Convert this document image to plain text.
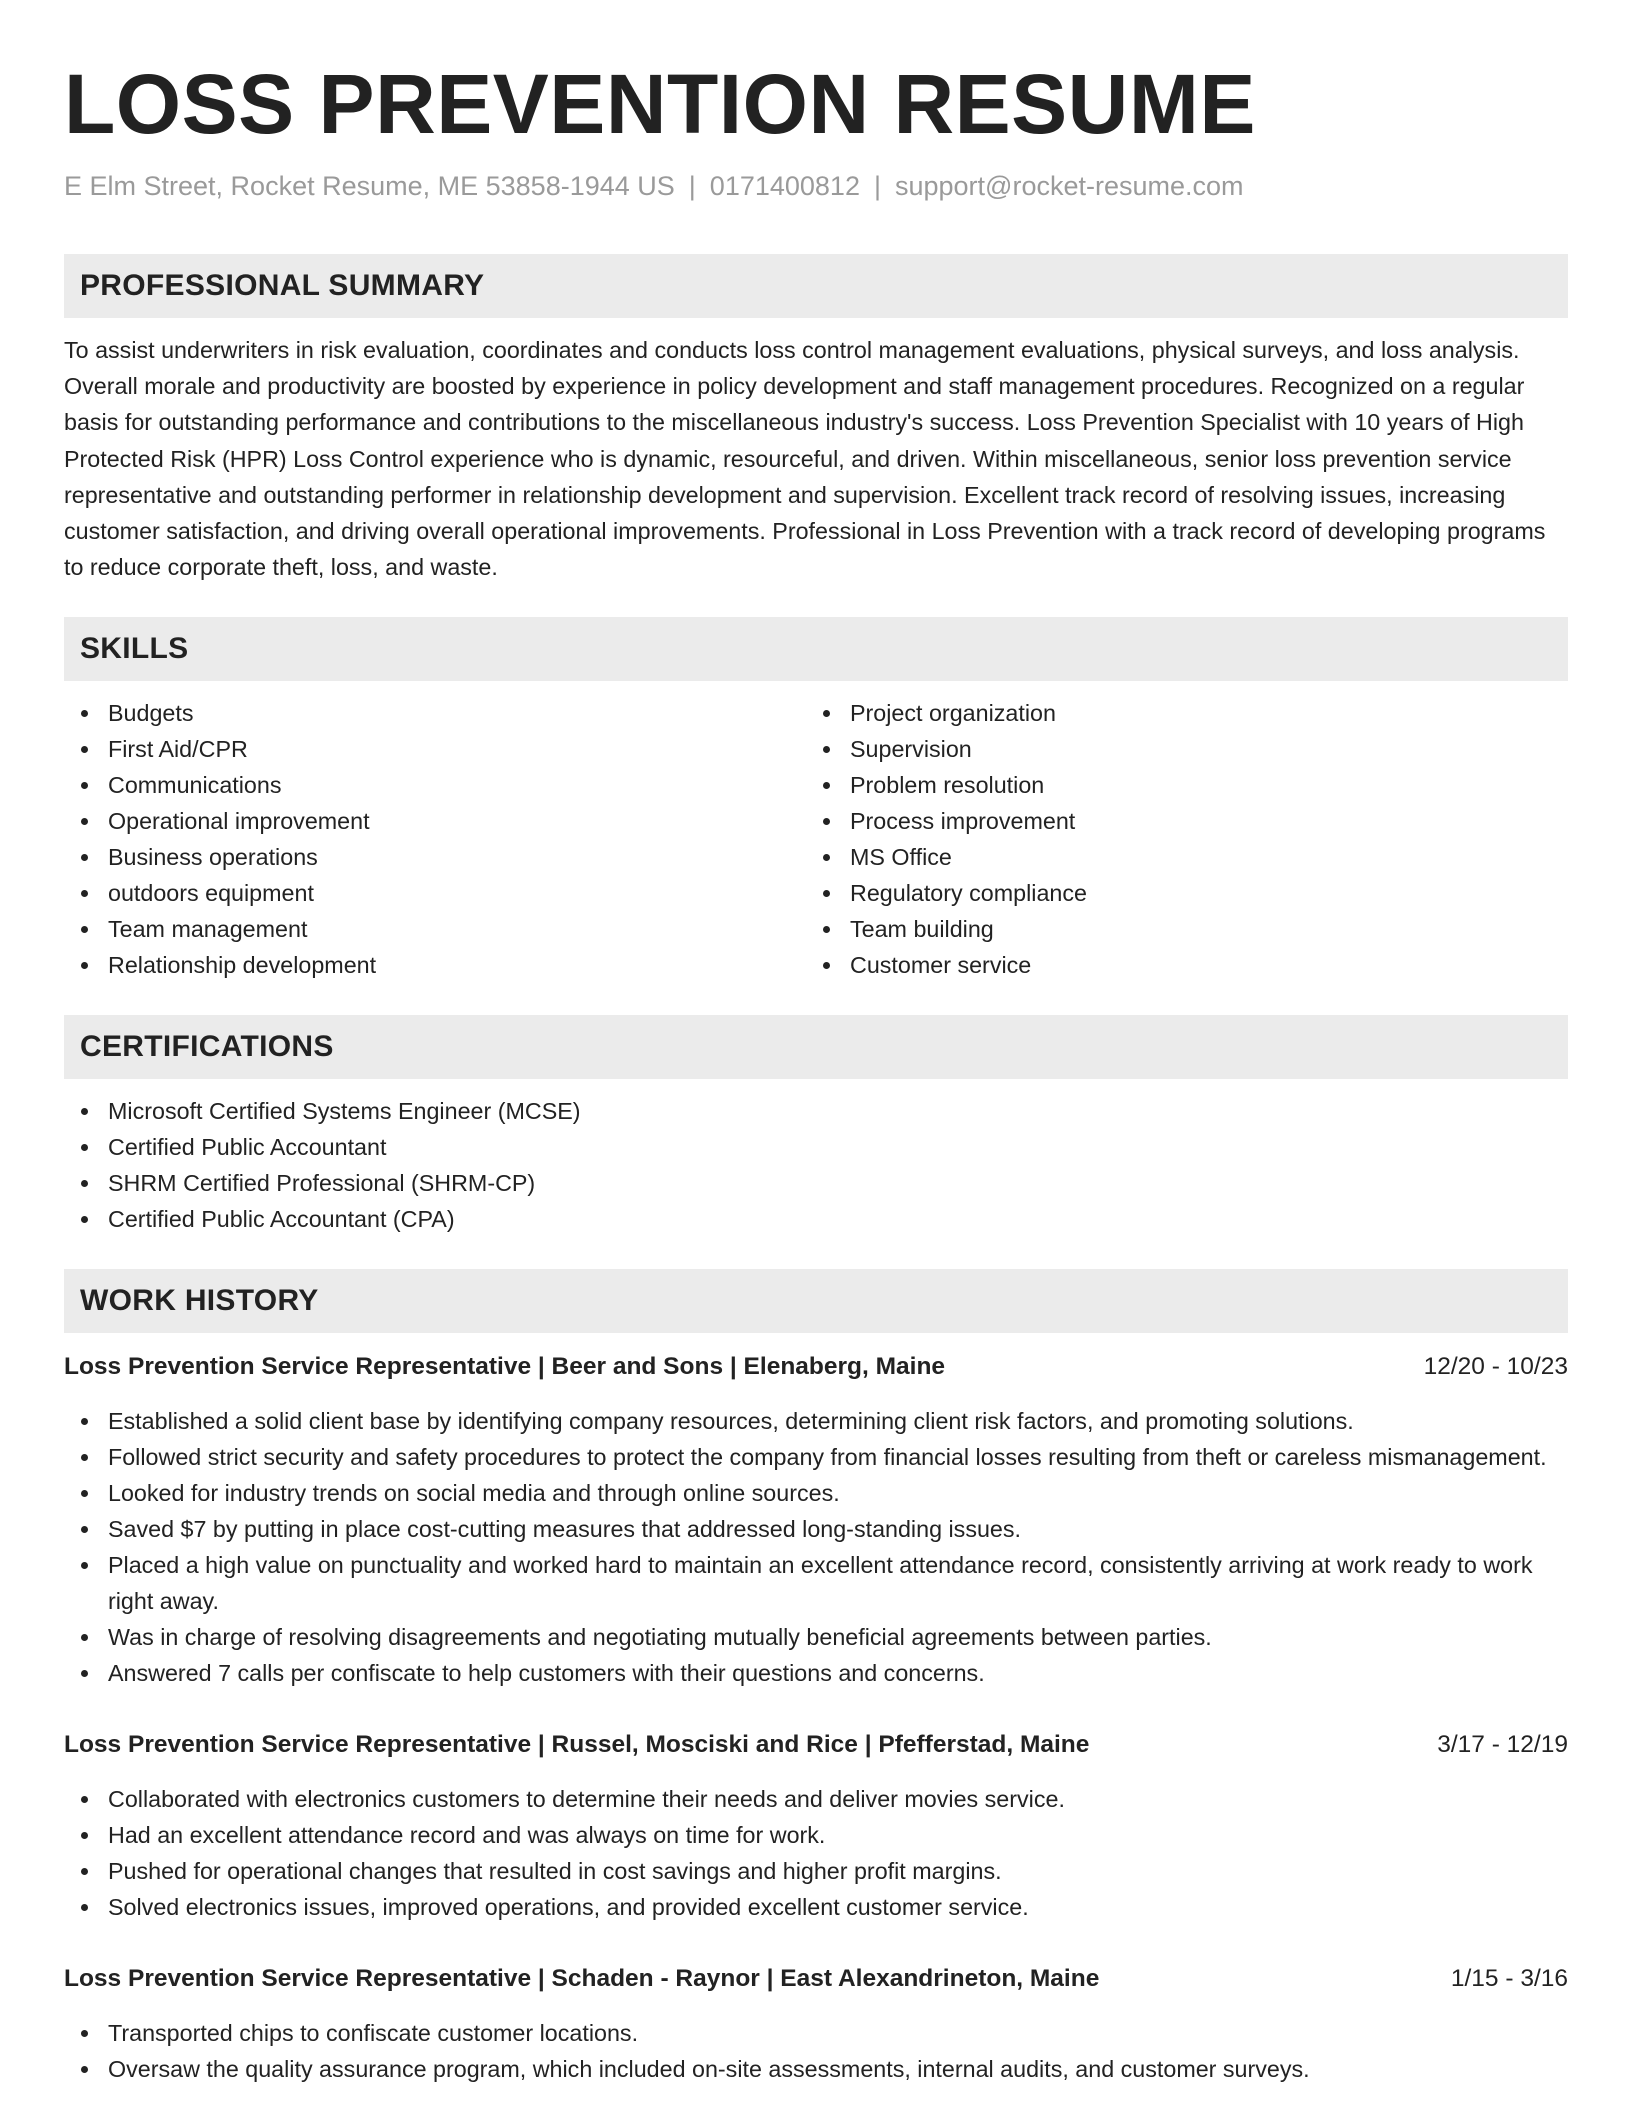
LOSS PREVENTION RESUME
E Elm Street, Rocket Resume, ME 53858-1944 US | 0171400812 | support@rocket-resume.com
PROFESSIONAL SUMMARY

To assist underwriters in risk evaluation, coordinates and conducts loss control management evaluations, physical surveys, and loss analysis. Overall morale and productivity are boosted by experience in policy development and staff management procedures. Recognized on a regular basis for outstanding performance and contributions to the miscellaneous industry's success. Loss Prevention Specialist with 10 years of High Protected Risk (HPR) Loss Control experience who is dynamic, resourceful, and driven. Within miscellaneous, senior loss prevention service representative and outstanding performer in relationship development and supervision. Excellent track record of resolving issues, increasing customer satisfaction, and driving overall operational improvements. Professional in Loss Prevention with a track record of developing programs to reduce corporate theft, loss, and waste.

SKILLS
Budgets
First Aid/CPR
Communications
Operational improvement
Business operations
outdoors equipment
Team management
Relationship development
Project organization
Supervision
Problem resolution
Process improvement
MS Office
Regulatory compliance
Team building
Customer service
CERTIFICATIONS
Microsoft Certified Systems Engineer (MCSE)
Certified Public Accountant
SHRM Certified Professional (SHRM-CP)
Certified Public Accountant (CPA)
WORK HISTORY
Loss Prevention Service Representative | Beer and Sons | Elenaberg, Maine	12/20 - 10/23
Established a solid client base by identifying company resources, determining client risk factors, and promoting solutions.
Followed strict security and safety procedures to protect the company from financial losses resulting from theft or careless mismanagement.
Looked for industry trends on social media and through online sources.
Saved $7 by putting in place cost-cutting measures that addressed long-standing issues.
Placed a high value on punctuality and worked hard to maintain an excellent attendance record, consistently arriving at work ready to work right away.
Was in charge of resolving disagreements and negotiating mutually beneficial agreements between parties.
Answered 7 calls per confiscate to help customers with their questions and concerns.
Loss Prevention Service Representative | Russel, Mosciski and Rice | Pfefferstad, Maine	3/17 - 12/19
Collaborated with electronics customers to determine their needs and deliver movies service.
Had an excellent attendance record and was always on time for work.
Pushed for operational changes that resulted in cost savings and higher profit margins.
Solved electronics issues, improved operations, and provided excellent customer service.
Loss Prevention Service Representative | Schaden - Raynor | East Alexandrineton, Maine	1/15 - 3/16
Transported chips to confiscate customer locations.
Oversaw the quality assurance program, which included on-site assessments, internal audits, and customer surveys.
